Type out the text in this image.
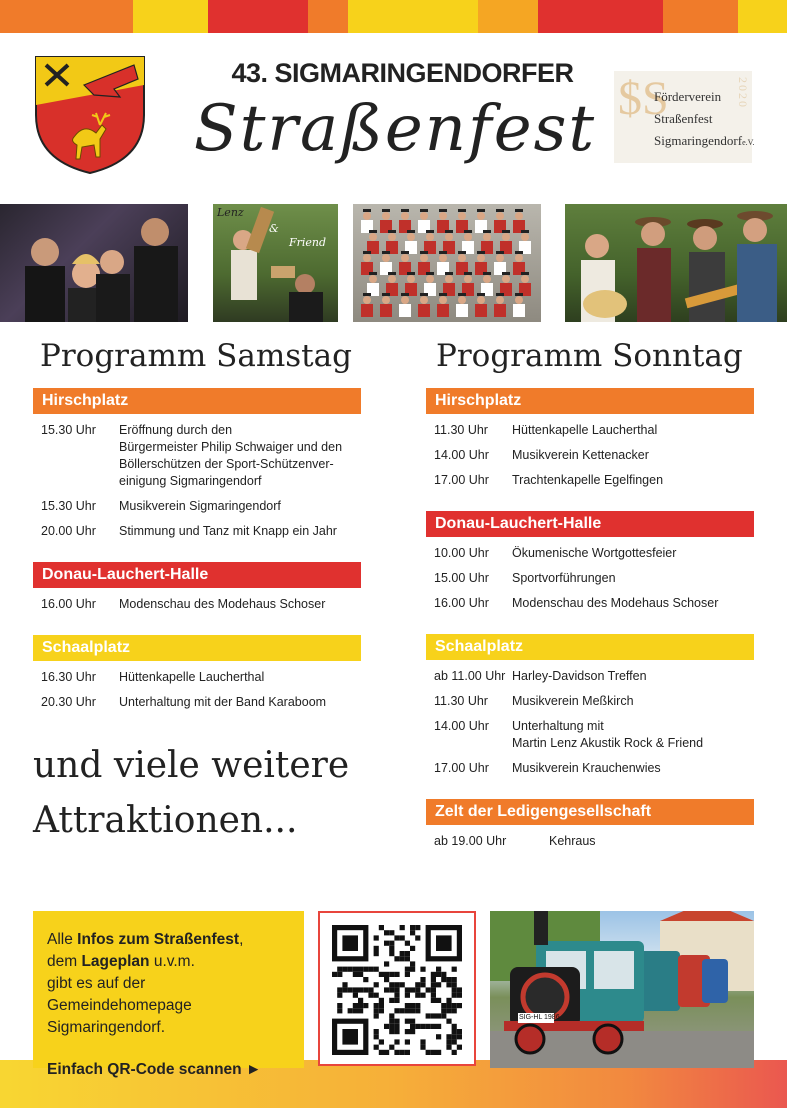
43. SIGMARINGENDORFER
Straßenfest $S	2020
Förderverein
Straßenfest
Sigmaringendorfe.V.
Lenz
&
Friend
Programm Samstag
Hirschplatz
15.30 Uhr Eröffnung durch den
Bürgermeister Philip Schwaiger und den
Böllerschützen der Sport-Schützenver-
einigung Sigmaringendorf
15.30 Uhr Musikverein Sigmaringendorf
20.00 Uhr Stimmung und Tanz mit Knapp ein Jahr
Donau-Lauchert-Halle
16.00 Uhr Modenschau des Modehaus Schoser
Schaalplatz
16.30 Uhr Hüttenkapelle Laucherthal
20.30 Uhr Unterhaltung mit der Band Karaboom
Programm Sonntag
Hirschplatz
11.30 Uhr Hüttenkapelle Laucherthal
14.00 Uhr Musikverein Kettenacker
17.00 Uhr Trachtenkapelle Egelfingen
Donau-Lauchert-Halle
10.00 Uhr Ökumenische Wortgottesfeier
15.00 Uhr Sportvorführungen
16.00 Uhr Modenschau des Modehaus Schoser
Schaalplatz
ab 11.00 Uhr Harley-Davidson Treffen
11.30 Uhr Musikverein Meßkirch
14.00 Uhr Unterhaltung mit
Martin Lenz Akustik Rock & Friend
17.00 Uhr Musikverein Krauchenwies
Zelt der Ledigengesellschaft
ab 19.00 Uhr	Kehraus
und viele weitere
Attraktionen...
Alle Infos zum Straßenfest,
dem Lageplan u.v.m.
gibt es auf der Gemeindehomepage
Sigmaringendorf.
Einfach QR-Code scannen ►
SIG-HL 1986
